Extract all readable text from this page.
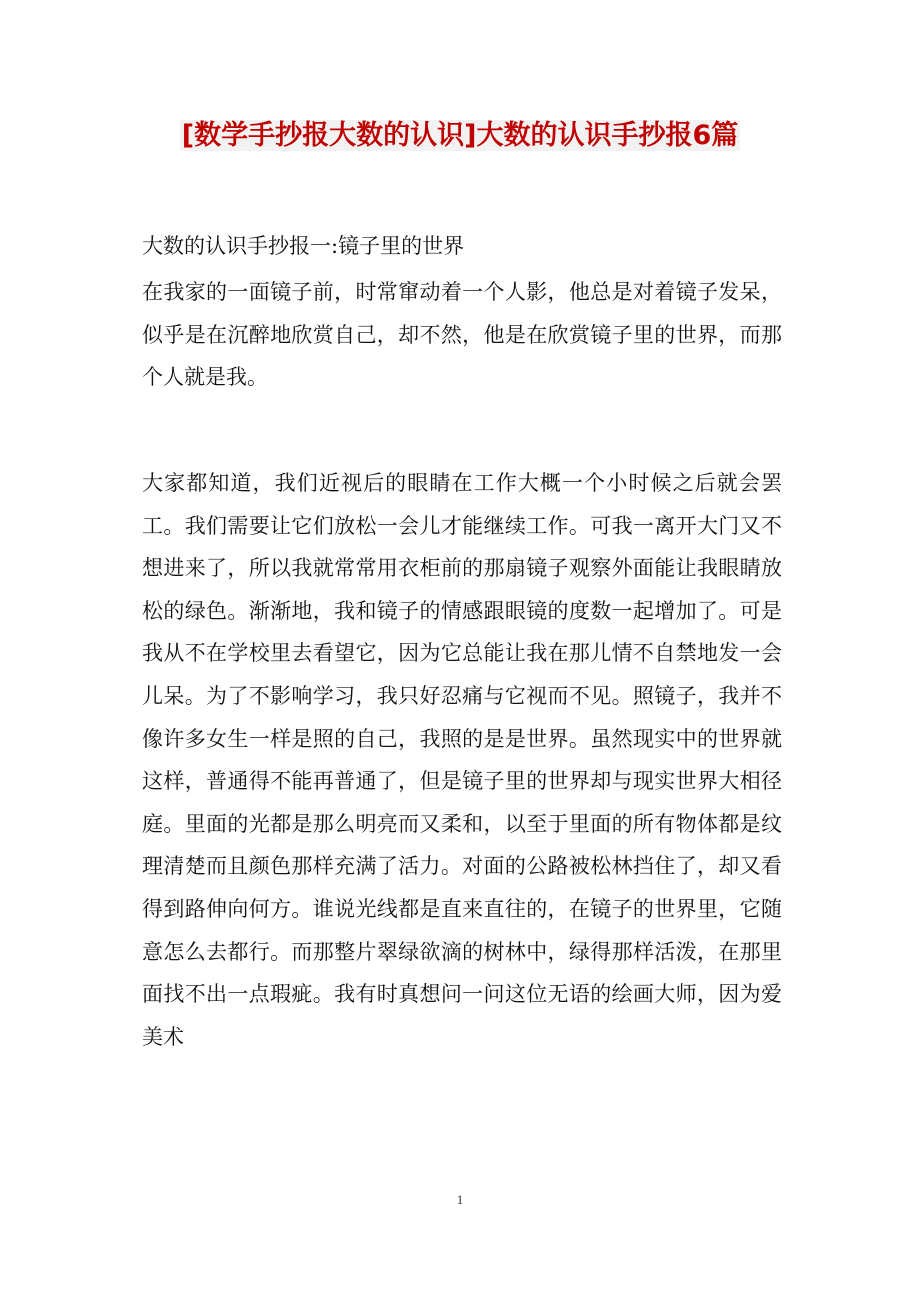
[数学手抄报大数的认识]大数的认识手抄报6篇
大数的认识手抄报一:镜子里的世界

在我家的一面镜子前，时常窜动着一个人影，他总是对着镜子发呆，似乎是在沉醉地欣赏自己，却不然，他是在欣赏镜子里的世界，而那个人就是我。

大家都知道，我们近视后的眼睛在工作大概一个小时候之后就会罢工。我们需要让它们放松一会儿才能继续工作。可我一离开大门又不想进来了，所以我就常常用衣柜前的那扇镜子观察外面能让我眼睛放松的绿色。渐渐地，我和镜子的情感跟眼镜的度数一起增加了。可是我从不在学校里去看望它，因为它总能让我在那儿情不自禁地发一会儿呆。为了不影响学习，我只好忍痛与它视而不见。照镜子，我并不像许多女生一样是照的自己，我照的是是世界。虽然现实中的世界就这样，普通得不能再普通了，但是镜子里的世界却与现实世界大相径庭。里面的光都是那么明亮而又柔和，以至于里面的所有物体都是纹理清楚而且颜色那样充满了活力。对面的公路被松林挡住了，却又看得到路伸向何方。谁说光线都是直来直往的，在镜子的世界里，它随意怎么去都行。而那整片翠绿欲滴的树林中，绿得那样活泼，在那里面找不出一点瑕疵。我有时真想问一问这位无语的绘画大师，因为爱美术

1
